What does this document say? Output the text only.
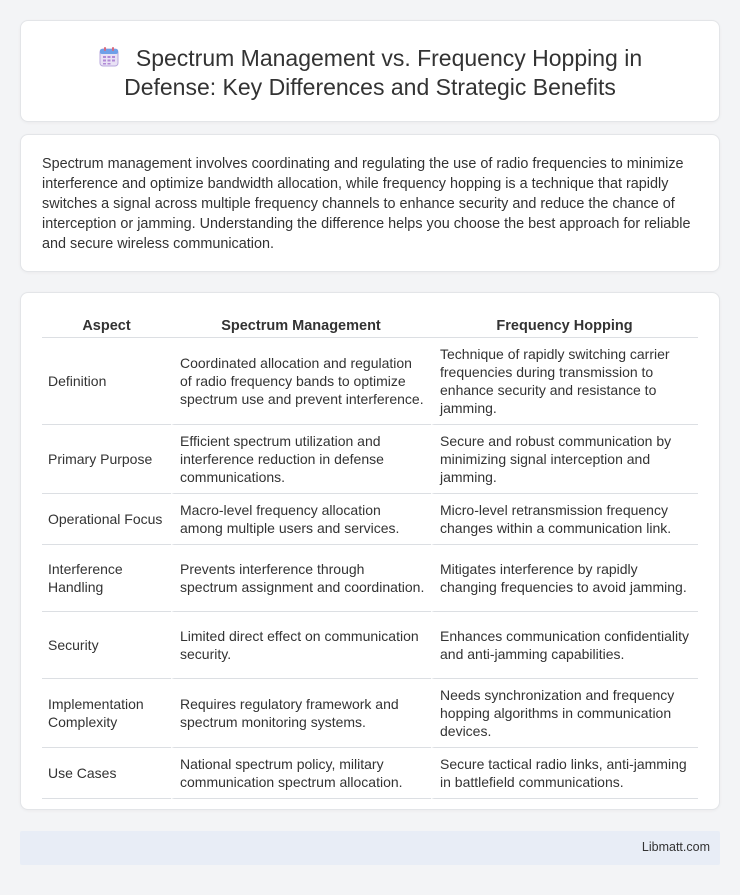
Spectrum Management vs. Frequency Hopping in Defense: Key Differences and Strategic Benefits

Spectrum management involves coordinating and regulating the use of radio frequencies to minimize interference and optimize bandwidth allocation, while frequency hopping is a technique that rapidly switches a signal across multiple frequency channels to enhance security and reduce the chance of interception or jamming. Understanding the difference helps you choose the best approach for reliable and secure wireless communication.

Aspect	Spectrum Management	Frequency Hopping
Definition	Coordinated allocation and regulation of radio frequency bands to optimize spectrum use and prevent interference.	Technique of rapidly switching carrier frequencies during transmission to enhance security and resistance to jamming.
Primary Purpose	Efficient spectrum utilization and interference reduction in defense communications.	Secure and robust communication by minimizing signal interception and jamming.
Operational Focus	Macro-level frequency allocation among multiple users and services.	Micro-level retransmission frequency changes within a communication link.
Interference Handling	Prevents interference through spectrum assignment and coordination.	Mitigates interference by rapidly changing frequencies to avoid jamming.
Security	Limited direct effect on communication security.	Enhances communication confidentiality and anti-jamming capabilities.
Implementation Complexity	Requires regulatory framework and spectrum monitoring systems.	Needs synchronization and frequency hopping algorithms in communication devices.
Use Cases	National spectrum policy, military communication spectrum allocation.	Secure tactical radio links, anti-jamming in battlefield communications.
Libmatt.com
